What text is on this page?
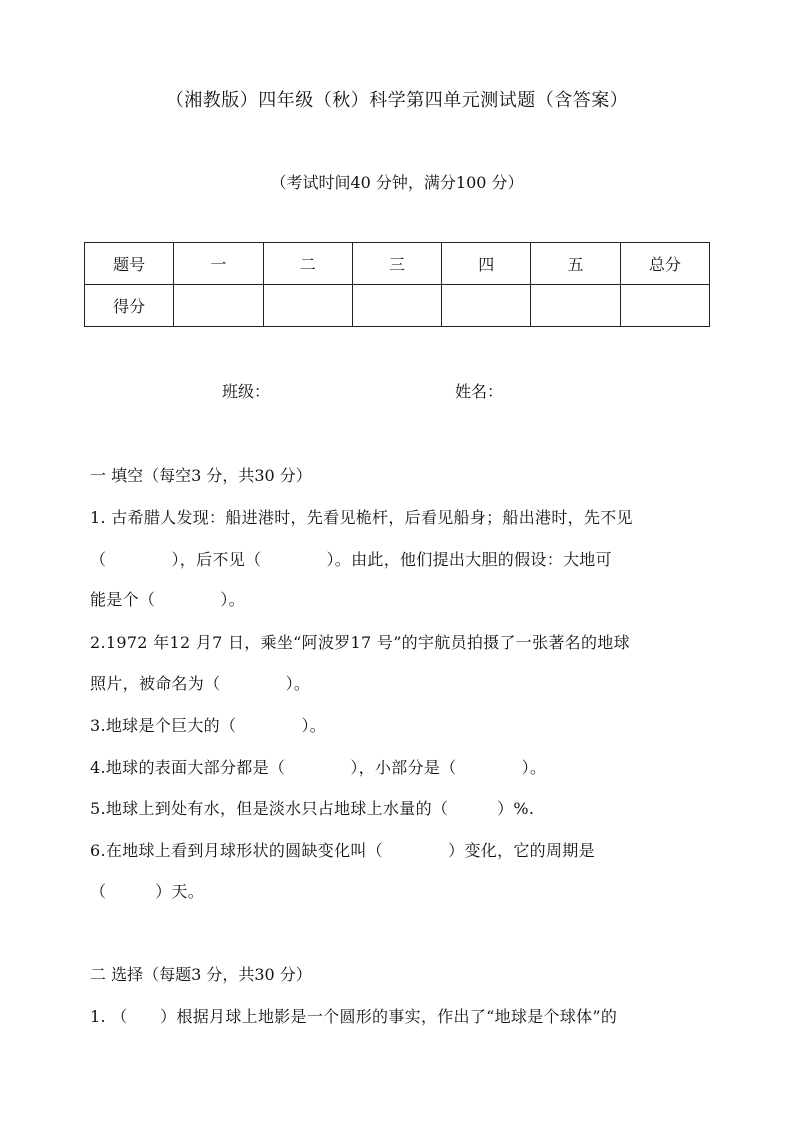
（湘教版）四年级（秋）科学第四单元测试题（含答案）
（考试时间40 分钟，满分100 分）
题号	一	二	三	四	五	总分
得分						
班级：	姓名：
一 填空（每空3 分，共30 分）
1. 古希腊人发现：船进港时，先看见桅杆，后看见船身；船出港时，先不见
（　　　　），后不见（　　　　）。由此，他们提出大胆的假设：大地可
能是个（　　　　）。
2.1972 年12 月7 日，乘坐“阿波罗17 号”的宇航员拍摄了一张著名的地球
照片，被命名为（　　　　）。
3.地球是个巨大的（　　　　）。
4.地球的表面大部分都是（　　　　），小部分是（　　　　）。
5.地球上到处有水，但是淡水只占地球上水量的（　　　）%.
6.在地球上看到月球形状的圆缺变化叫（　　　　）变化，它的周期是
（　　　）天。
二 选择（每题3 分，共30 分）
1. （　　）根据月球上地影是一个圆形的事实，作出了“地球是个球体”的
